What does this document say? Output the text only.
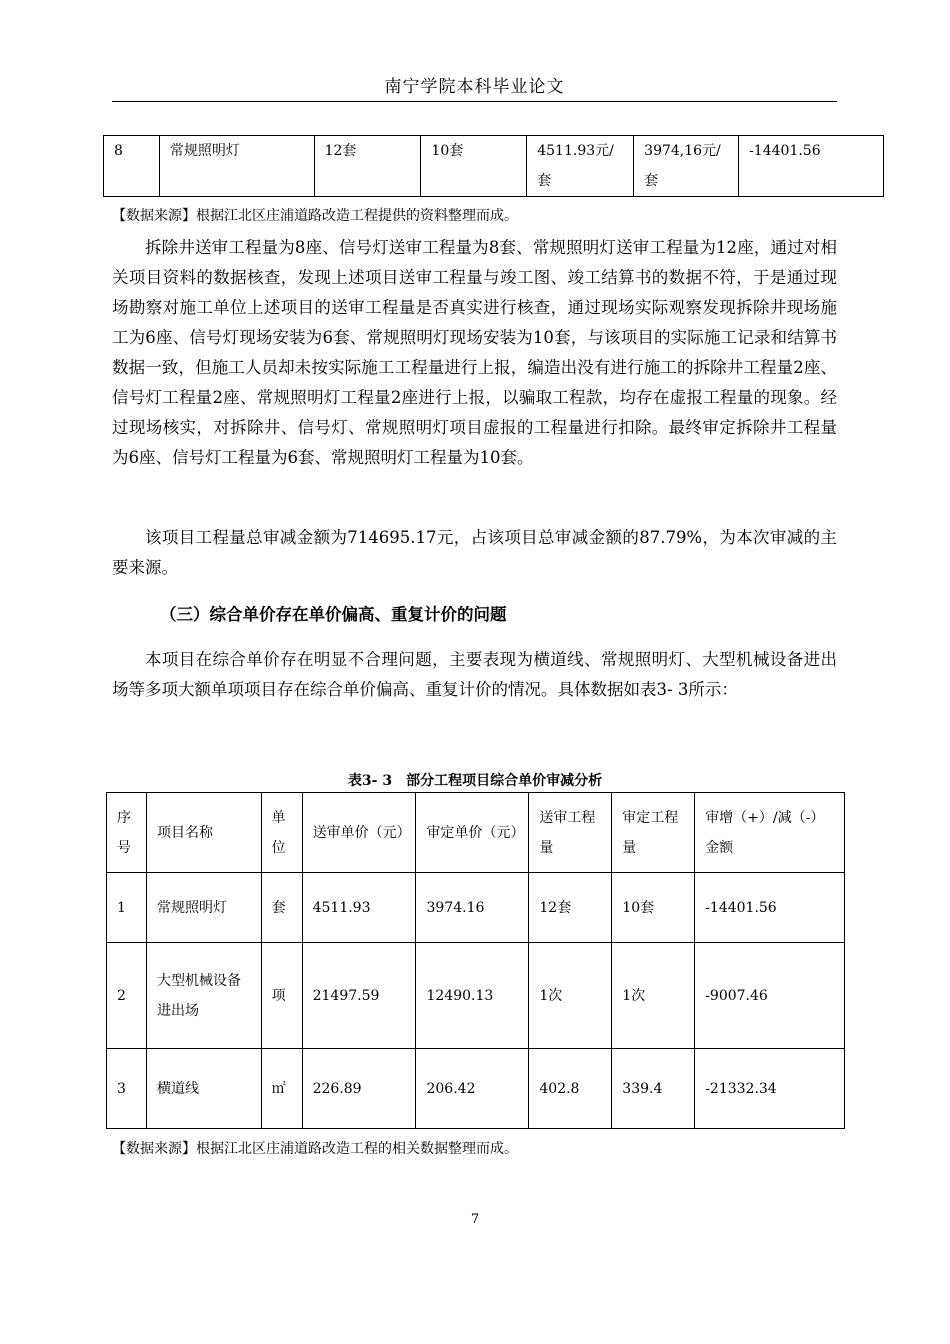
南宁学院本科毕业论文
8	常规照明灯	12套	10套	4511.93元/套	3974,16元/套	-14401.56
【数据来源】根据江北区庄浦道路改造工程提供的资料整理而成。

拆除井送审工程量为8座、信号灯送审工程量为8套、常规照明灯送审工程量为12座，通过对相关项目资料的数据核查，发现上述项目送审工程量与竣工图、竣工结算书的数据不符，于是通过现场勘察对施工单位上述项目的送审工程量是否真实进行核查，通过现场实际观察发现拆除井现场施工为6座、信号灯现场安装为6套、常规照明灯现场安装为10套，与该项目的实际施工记录和结算书数据一致，但施工人员却未按实际施工工程量进行上报，编造出没有进行施工的拆除井工程量2座、信号灯工程量2座、常规照明灯工程量2座进行上报，以骗取工程款，均存在虚报工程量的现象。经过现场核实，对拆除井、信号灯、常规照明灯项目虚报的工程量进行扣除。最终审定拆除井工程量为6座、信号灯工程量为6套、常规照明灯工程量为10套。

该项目工程量总审减金额为714695.17元，占该项目总审减金额的87.79%，为本次审减的主要来源。

（三）综合单价存在单价偏高、重复计价的问题

本项目在综合单价存在明显不合理问题，主要表现为横道线、常规照明灯、大型机械设备进出场等多项大额单项项目存在综合单价偏高、重复计价的情况。具体数据如表3- 3所示：

表3- 3　部分工程项目综合单价审减分析
序号	项目名称	单位	送审单价（元）	审定单价（元）	送审工程量	审定工程量	审增（+）/减（-）金额
1	常规照明灯	套	4511.93	3974.16	12套	10套	-14401.56
2	大型机械设备进出场	项	21497.59	12490.13	1次	1次	-9007.46
3	横道线	㎡	226.89	206.42	402.8	339.4	-21332.34
【数据来源】根据江北区庄浦道路改造工程的相关数据整理而成。
7
